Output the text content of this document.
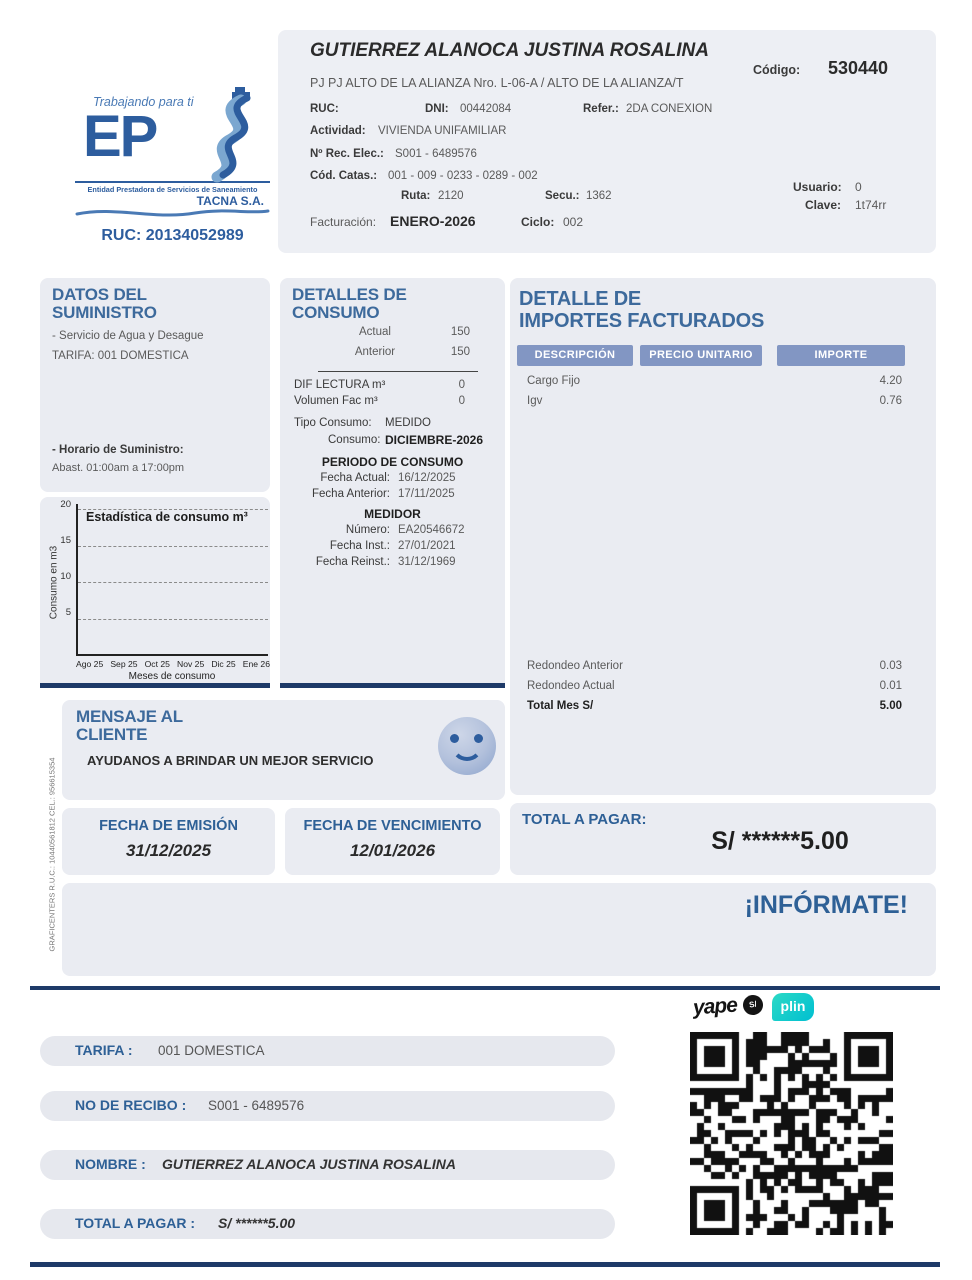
Trabajando para ti
EP
Entidad Prestadora de Servicios de Saneamiento
TACNA S.A.
RUC: 20134052989
GUTIERREZ ALANOCA JUSTINA ROSALINA
Código: 530440
PJ PJ ALTO DE LA ALIANZA Nro. L-06-A / ALTO DE LA ALIANZA/T
RUC:	DNI: 00442084	Refer.: 2DA CONEXION
Actividad: VIVIENDA UNIFAMILIAR
Nº Rec. Elec.: S001 - 6489576
Cód. Catas.: 001 - 009 - 0233 - 0289 - 002
Ruta: 2120	Secu.: 1362
Usuario: 0
Clave: 1t74rr
Facturación: ENERO-2026	Ciclo: 002
DATOS DEL
SUMINISTRO
- Servicio de Agua y Desague
TARIFA: 001 DOMESTICA
- Horario de Suministro:
Abast. 01:00am a 17:00pm
20
15
10
5
Consumo en m3
Estadística de consumo m³
Ago 25 Sep 25 Oct 25 Nov 25 Dic 25 Ene 26
Meses de consumo
DETALLES DE
CONSUMO
Actual	150
Anterior	150
DIF LECTURA m³	0
Volumen Fac m³	0
Tipo Consumo: MEDIDO
Consumo: DICIEMBRE-2026
PERIODO DE CONSUMO
Fecha Actual: 16/12/2025
Fecha Anterior: 17/11/2025
MEDIDOR
Número: EA20546672
Fecha Inst.: 27/01/2021
Fecha Reinst.: 31/12/1969
DETALLE DE
IMPORTES FACTURADOS
DESCRIPCIÓN	PRECIO UNITARIO	IMPORTE
Cargo Fijo	4.20
Igv	0.76
Redondeo Anterior	0.03
Redondeo Actual	0.01
Total Mes S/	5.00
MENSAJE AL
CLIENTE
AYUDANOS A BRINDAR UN MEJOR SERVICIO
FECHA DE EMISIÓN
31/12/2025
FECHA DE VENCIMIENTO
12/01/2026
TOTAL A PAGAR:
S/ ******5.00
¡INFÓRMATE!
GRAFICENTERS R.U.C.: 10440561812 CEL.: 956615354
yape S/	plin
TARIFA : 001 DOMESTICA
NO DE RECIBO : S001 - 6489576
NOMBRE : GUTIERREZ ALANOCA JUSTINA ROSALINA
TOTAL A PAGAR : S/ ******5.00
